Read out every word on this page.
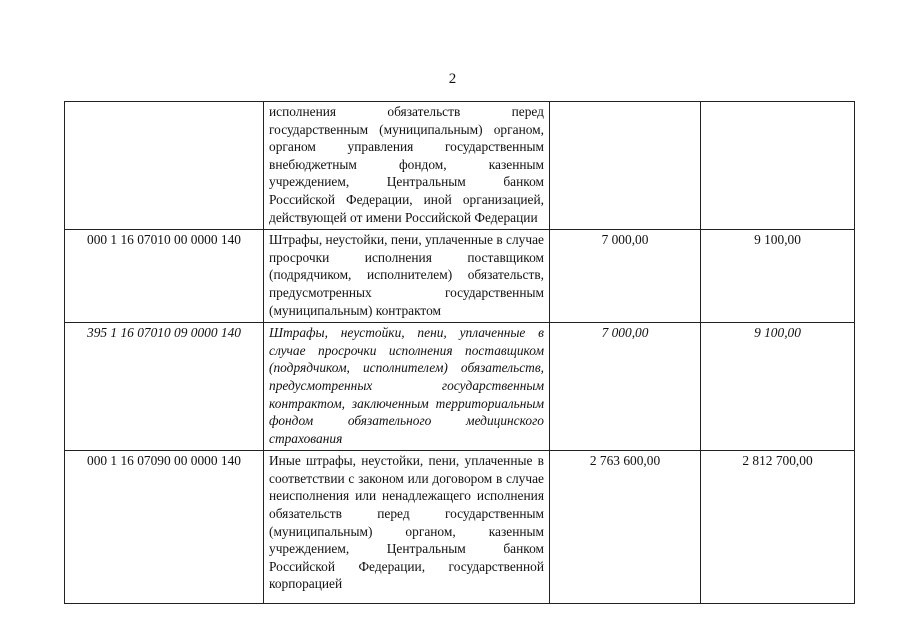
2
	исполнения обязательств перед государственным (муниципальным) органом, органом управления государственным внебюджетным фондом, казенным учреждением, Центральным банком Российской Федерации, иной организацией, действующей от имени Российской Федерации		
000 1 16 07010 00 0000 140	Штрафы, неустойки, пени, уплаченные в случае просрочки исполнения поставщиком (подрядчиком, исполнителем) обязательств, предусмотренных государственным (муниципальным) контрактом	7 000,00	9 100,00
395 1 16 07010 09 0000 140	Штрафы, неустойки, пени, уплаченные в случае просрочки исполнения поставщиком (подрядчиком, исполнителем) обязательств, предусмотренных государственным контрактом, заключенным территориальным фондом обязательного медицинского страхования	7 000,00	9 100,00
000 1 16 07090 00 0000 140	Иные штрафы, неустойки, пени, уплаченные в соответствии с законом или договором в случае неисполнения или ненадлежащего исполнения обязательств перед государственным (муниципальным) органом, казенным учреждением, Центральным банком Российской Федерации, государственной корпорацией	2 763 600,00	2 812 700,00
